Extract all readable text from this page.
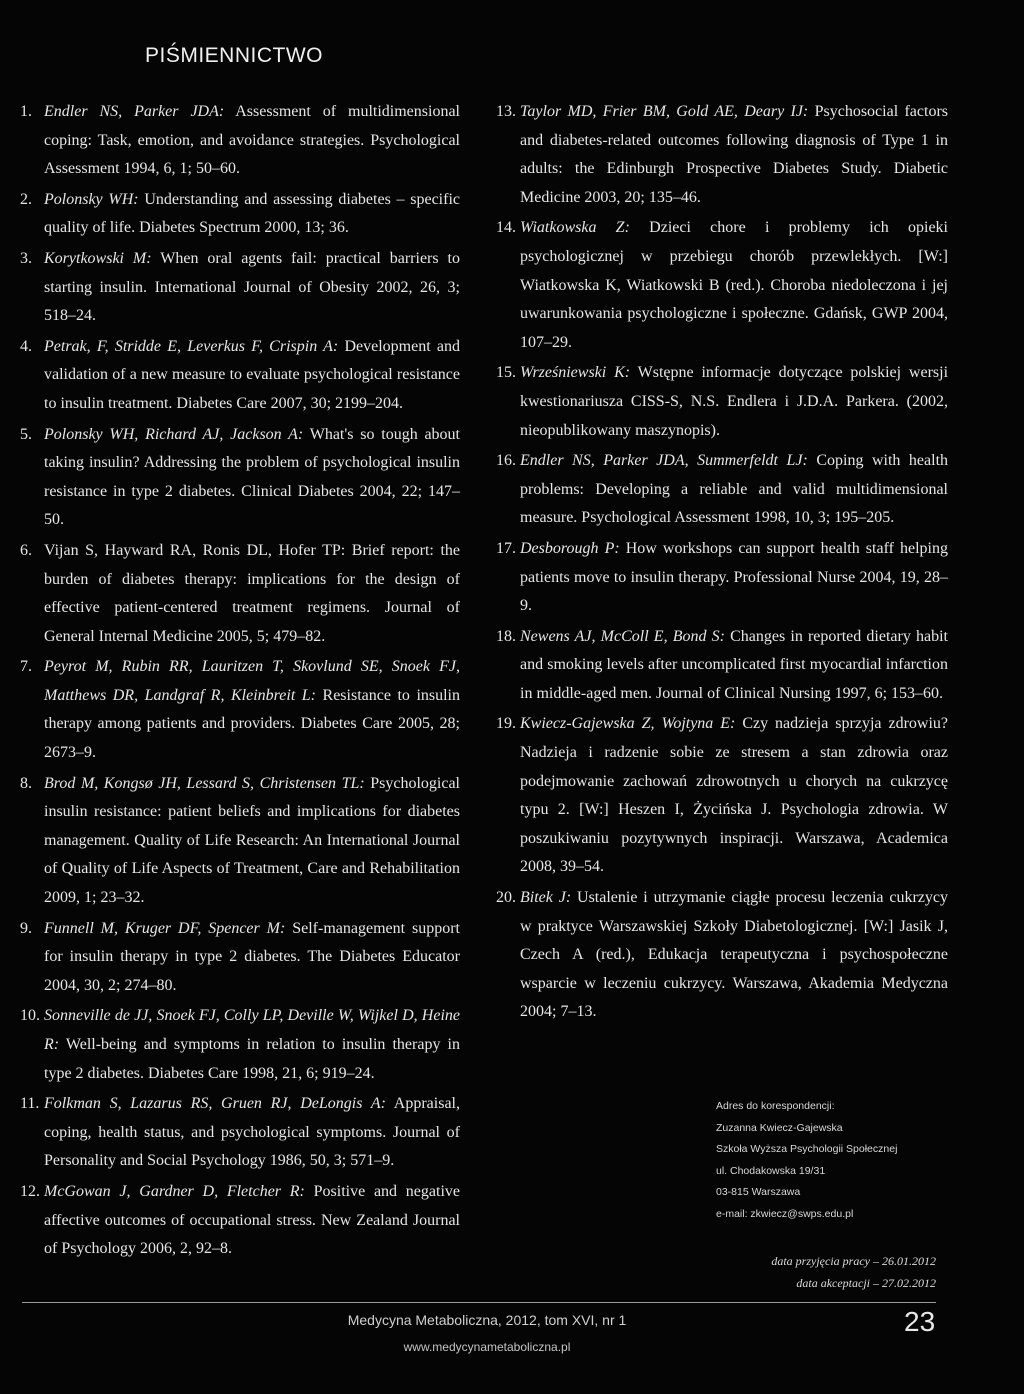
PIŚMIENNICTWO

1. Endler NS, Parker JDA: Assessment of multidimensional coping: Task, emotion, and avoidance strategies. Psychological Assessment 1994, 6, 1; 50–60.

2. Polonsky WH: Understanding and assessing diabetes – specific quality of life. Diabetes Spectrum 2000, 13; 36.

3. Korytkowski M: When oral agents fail: practical barriers to starting insulin. International Journal of Obesity 2002, 26, 3; 518–24.

4. Petrak, F, Stridde E, Leverkus F, Crispin A: Development and validation of a new measure to evaluate psychological resistance to insulin treatment. Diabetes Care 2007, 30; 2199–204.

5. Polonsky WH, Richard AJ, Jackson A: What's so tough about taking insulin? Addressing the problem of psychological insulin resistance in type 2 diabetes. Clinical Diabetes 2004, 22; 147–50.

6. Vijan S, Hayward RA, Ronis DL, Hofer TP: Brief report: the burden of diabetes therapy: implications for the design of effective patient-centered treatment regimens. Journal of General Internal Medicine 2005, 5; 479–82.

7. Peyrot M, Rubin RR, Lauritzen T, Skovlund SE, Snoek FJ, Matthews DR, Landgraf R, Kleinbreit L: Resistance to insulin therapy among patients and providers. Diabetes Care 2005, 28; 2673–9.

8. Brod M, Kongsø JH, Lessard S, Christensen TL: Psychological insulin resistance: patient beliefs and implications for diabetes management. Quality of Life Research: An International Journal of Quality of Life Aspects of Treatment, Care and Rehabilitation 2009, 1; 23–32.

9. Funnell M, Kruger DF, Spencer M: Self-management support for insulin therapy in type 2 diabetes. The Diabetes Educator 2004, 30, 2; 274–80.

10. Sonneville de JJ, Snoek FJ, Colly LP, Deville W, Wijkel D, Heine R: Well-being and symptoms in relation to insulin therapy in type 2 diabetes. Diabetes Care 1998, 21, 6; 919–24.

11. Folkman S, Lazarus RS, Gruen RJ, DeLongis A: Appraisal, coping, health status, and psychological symptoms. Journal of Personality and Social Psychology 1986, 50, 3; 571–9.

12. McGowan J, Gardner D, Fletcher R: Positive and negative affective outcomes of occupational stress. New Zealand Journal of Psychology 2006, 2, 92–8.

13. Taylor MD, Frier BM, Gold AE, Deary IJ: Psychosocial factors and diabetes-related outcomes following diagnosis of Type 1 in adults: the Edinburgh Prospective Diabetes Study. Diabetic Medicine 2003, 20; 135–46.

14. Wiatkowska Z: Dzieci chore i problemy ich opieki psychologicznej w przebiegu chorób przewlekłych. [W:] Wiatkowska K, Wiatkowski B (red.). Choroba niedoleczona i jej uwarunkowania psychologiczne i społeczne. Gdańsk, GWP 2004, 107–29.

15. Wrześniewski K: Wstępne informacje dotyczące polskiej wersji kwestionariusza CISS-S, N.S. Endlera i J.D.A. Parkera. (2002, nieopublikowany maszynopis).

16. Endler NS, Parker JDA, Summerfeldt LJ: Coping with health problems: Developing a reliable and valid multidimensional measure. Psychological Assessment 1998, 10, 3; 195–205.

17. Desborough P: How workshops can support health staff helping patients move to insulin therapy. Professional Nurse 2004, 19, 28–9.

18. Newens AJ, McColl E, Bond S: Changes in reported dietary habit and smoking levels after uncomplicated first myocardial infarction in middle-aged men. Journal of Clinical Nursing 1997, 6; 153–60.

19. Kwiecz-Gajewska Z, Wojtyna E: Czy nadzieja sprzyja zdrowiu? Nadzieja i radzenie sobie ze stresem a stan zdrowia oraz podejmowanie zachowań zdrowotnych u chorych na cukrzycę typu 2. [W:] Heszen I, Życińska J. Psychologia zdrowia. W poszukiwaniu pozytywnych inspiracji. Warszawa, Academica 2008, 39–54.

20. Bitek J: Ustalenie i utrzymanie ciągłe procesu leczenia cukrzycy w praktyce Warszawskiej Szkoły Diabetologicznej. [W:] Jasik J, Czech A (red.), Edukacja terapeutyczna i psychospołeczne wsparcie w leczeniu cukrzycy. Warszawa, Akademia Medyczna 2004; 7–13.

Adres do korespondencji:
Zuzanna Kwiecz-Gajewska
Szkoła Wyższa Psychologii Społecznej
ul. Chodakowska 19/31
03-815 Warszawa
e-mail: zkwiecz@swps.edu.pl
data przyjęcia pracy – 26.01.2012
data akceptacji – 27.02.2012
Medycyna Metaboliczna, 2012, tom XVI, nr 1
www.medycynametaboliczna.pl
23
